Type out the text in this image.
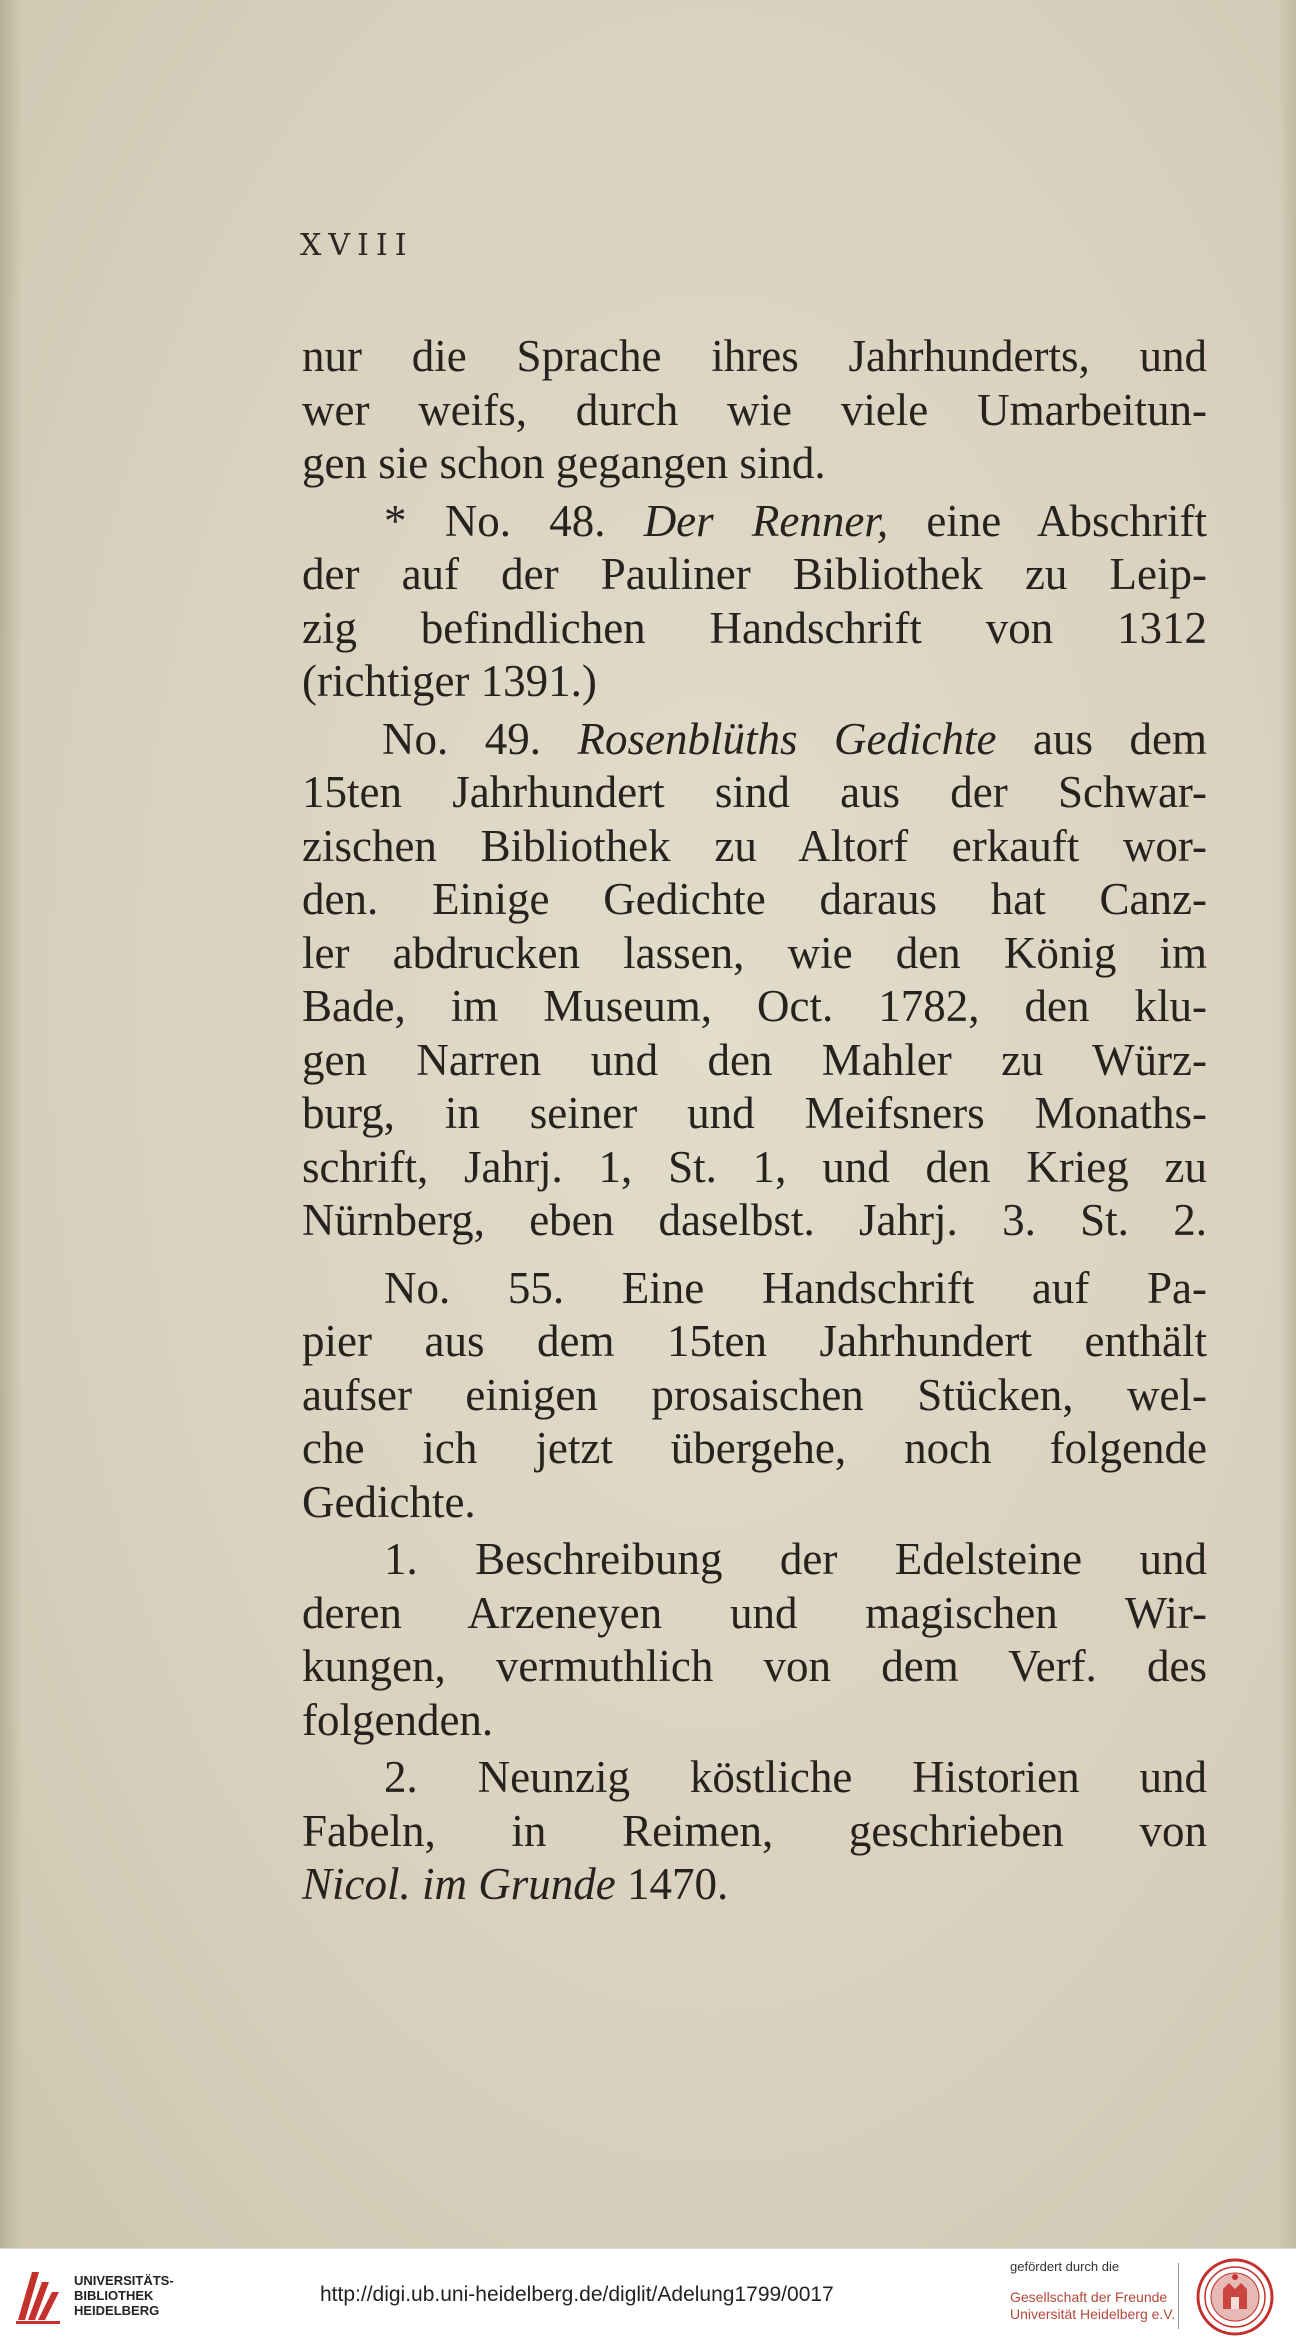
XVIII
nur die Sprache ihres Jahrhunderts, und
wer weifs, durch wie viele Umarbeitun-
gen sie schon gegangen sind.
* No. 48. Der Renner, eine Abschrift
der auf der Pauliner Bibliothek zu Leip-
zig befindlichen Handschrift von 1312
(richtiger 1391.)
No. 49. Rosenblüths Gedichte aus dem
15ten Jahrhundert sind aus der Schwar-
zischen Bibliothek zu Altorf erkauft wor-
den. Einige Gedichte daraus hat Canz-
ler abdrucken lassen, wie den König im
Bade, im Museum, Oct. 1782, den klu-
gen Narren und den Mahler zu Würz-
burg, in seiner und Meifsners Monaths-
schrift, Jahrj. 1, St. 1, und den Krieg zu
Nürnberg, eben daselbst. Jahrj. 3. St. 2.
No. 55. Eine Handschrift auf Pa-
pier aus dem 15ten Jahrhundert enthält
aufser einigen prosaischen Stücken, wel-
che ich jetzt übergehe, noch folgende
Gedichte.
1. Beschreibung der Edelsteine und
deren Arzeneyen und magischen Wir-
kungen, vermuthlich von dem Verf. des
folgenden.
2. Neunzig köstliche Historien und
Fabeln, in Reimen, geschrieben von
Nicol. im Grunde 1470.
UNIVERSITÄTS-
BIBLIOTHEK
HEIDELBERG
http://digi.ub.uni-heidelberg.de/diglit/Adelung1799/0017
gefördert durch die
Gesellschaft der Freunde
Universität Heidelberg e.V.
